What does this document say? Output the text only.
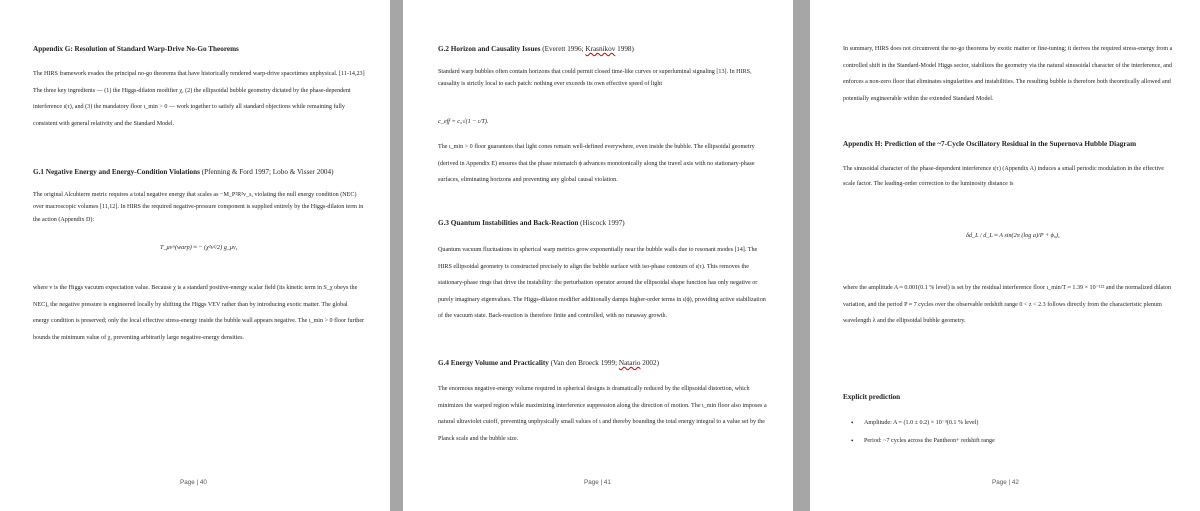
Appendix G: Resolution of Standard Warp-Drive No-Go Theorems

The HIRS framework evades the principal no-go theorems that have historically rendered warp-drive spacetimes unphysical. [11-14,23] The three key ingredients — (1) the Higgs-dilaton modifier χ, (2) the ellipsoidal bubble geometry dictated by the phase-dependent interference ι(τ), and (3) the mandatory floor ι_min > 0 — work together to satisfy all standard objections while remaining fully consistent with general relativity and the Standard Model.

G.1 Negative Energy and Energy-Condition Violations (Pfenning & Ford 1997; Lobo & Visser 2004)

The original Alcubierre metric requires a total negative energy that scales as −M_P²R²v_s, violating the null energy condition (NEC) over macroscopic volumes [11,12]. In HIRS the required negative-pressure component is supplied entirely by the Higgs-dilaton term in the action (Appendix D):

T_μν^(warp) ≈ − (χ²v²/2) g_μν,

where v is the Higgs vacuum expectation value. Because χ is a standard positive-energy scalar field (its kinetic term in S_χ obeys the NEC), the negative pressure is engineered locally by shifting the Higgs VEV rather than by introducing exotic matter. The global energy condition is preserved; only the local effective stress-energy inside the bubble wall appears negative. The ι_min > 0 floor further bounds the minimum value of χ, preventing arbitrarily large negative-energy densities.

Page | 40
G.2 Horizon and Causality Issues (Everett 1996; Krasnikov 1998)

Standard warp bubbles often contain horizons that could permit closed time-like curves or superluminal signaling [13]. In HIRS, causality is strictly local to each patch: nothing ever exceeds its own effective speed of light

c_eff = c₀√(1 − ι/T).

The ι_min > 0 floor guarantees that light cones remain well-defined everywhere, even inside the bubble. The ellipsoidal geometry (derived in Appendix E) ensures that the phase mismatch ϕ advances monotonically along the travel axis with no stationary-phase surfaces, eliminating horizons and preventing any global causal violation.

G.3 Quantum Instabilities and Back-Reaction (Hiscock 1997)

Quantum vacuum fluctuations in spherical warp metrics grow exponentially near the bubble walls due to resonant modes [14]. The HIRS ellipsoidal geometry is constructed precisely to align the bubble surface with iso-phase contours of ι(τ). This removes the stationary-phase rings that drive the instability: the perturbation operator around the ellipsoidal shape function has only negative or purely imaginary eigenvalues. The Higgs-dilaton modifier additionally damps higher-order terms in ι(ϕ), providing active stabilization of the vacuum state. Back-reaction is therefore finite and controlled, with no runaway growth.

G.4 Energy Volume and Practicality (Van den Broeck 1999; Natario 2002)

The enormous negative-energy volume required in spherical designs is dramatically reduced by the ellipsoidal distortion, which minimizes the warped region while maximizing interference suppression along the direction of motion. The ι_min floor also imposes a natural ultraviolet cutoff, preventing unphysically small values of ι and thereby bounding the total energy integral to a value set by the Planck scale and the bubble size.

Page | 41

In summary, HIRS does not circumvent the no-go theorems by exotic matter or fine-tuning; it derives the required stress-energy from a controlled shift in the Standard-Model Higgs sector, stabilizes the geometry via the natural sinusoidal character of the interference, and enforces a non-zero floor that eliminates singularities and instabilities. The resulting bubble is therefore both theoretically allowed and potentially engineerable within the extended Standard Model.

Appendix H: Prediction of the ~7-Cycle Oscillatory Residual in the Supernova Hubble Diagram

The sinusoidal character of the phase-dependent interference ι(τ) (Appendix A) induces a small periodic modulation in the effective scale factor. The leading-order correction to the luminosity distance is

δd_L / d_L ≈ A sin(2π (log a)/P + ϕ₀),

where the amplitude A ≈ 0.001(0.1 % level) is set by the residual interference floor ι_min/T ≈ 1.39 × 10⁻¹²² and the normalized dilaton variation, and the period P ≈ 7 cycles over the observable redshift range 0 < z < 2.3 follows directly from the characteristic plenum wavelength λ and the ellipsoidal bubble geometry.

Explicit prediction
• Amplitude: A = (1.0 ± 0.2) × 10⁻³(0.1 % level)
• Period: ~7 cycles across the Pantheon+ redshift range
Page | 42
